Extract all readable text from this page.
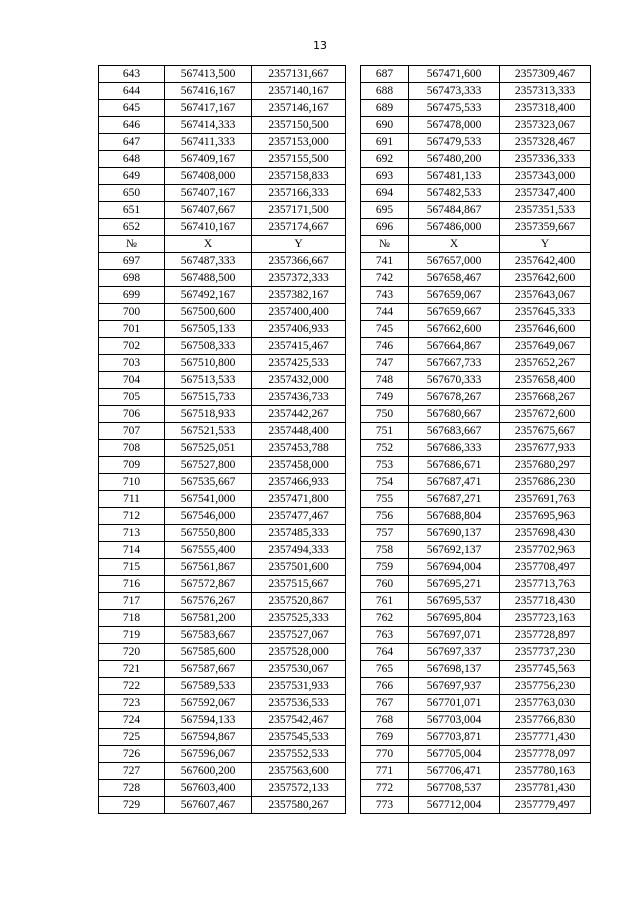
13
643	567413,500	2357131,667
644	567416,167	2357140,167
645	567417,167	2357146,167
646	567414,333	2357150,500
647	567411,333	2357153,000
648	567409,167	2357155,500
649	567408,000	2357158,833
650	567407,167	2357166,333
651	567407,667	2357171,500
652	567410,167	2357174,667
№	X	Y
697	567487,333	2357366,667
698	567488,500	2357372,333
699	567492,167	2357382,167
700	567500,600	2357400,400
701	567505,133	2357406,933
702	567508,333	2357415,467
703	567510,800	2357425,533
704	567513,533	2357432,000
705	567515,733	2357436,733
706	567518,933	2357442,267
707	567521,533	2357448,400
708	567525,051	2357453,788
709	567527,800	2357458,000
710	567535,667	2357466,933
711	567541,000	2357471,800
712	567546,000	2357477,467
713	567550,800	2357485,333
714	567555,400	2357494,333
715	567561,867	2357501,600
716	567572,867	2357515,667
717	567576,267	2357520,867
718	567581,200	2357525,333
719	567583,667	2357527,067
720	567585,600	2357528,000
721	567587,667	2357530,067
722	567589,533	2357531,933
723	567592,067	2357536,533
724	567594,133	2357542,467
725	567594,867	2357545,533
726	567596,067	2357552,533
727	567600,200	2357563,600
728	567603,400	2357572,133
729	567607,467	2357580,267
687	567471,600	2357309,467
688	567473,333	2357313,333
689	567475,533	2357318,400
690	567478,000	2357323,067
691	567479,533	2357328,467
692	567480,200	2357336,333
693	567481,133	2357343,000
694	567482,533	2357347,400
695	567484,867	2357351,533
696	567486,000	2357359,667
№	X	Y
741	567657,000	2357642,400
742	567658,467	2357642,600
743	567659,067	2357643,067
744	567659,667	2357645,333
745	567662,600	2357646,600
746	567664,867	2357649,067
747	567667,733	2357652,267
748	567670,333	2357658,400
749	567678,267	2357668,267
750	567680,667	2357672,600
751	567683,667	2357675,667
752	567686,333	2357677,933
753	567686,671	2357680,297
754	567687,471	2357686,230
755	567687,271	2357691,763
756	567688,804	2357695,963
757	567690,137	2357698,430
758	567692,137	2357702,963
759	567694,004	2357708,497
760	567695,271	2357713,763
761	567695,537	2357718,430
762	567695,804	2357723,163
763	567697,071	2357728,897
764	567697,337	2357737,230
765	567698,137	2357745,563
766	567697,937	2357756,230
767	567701,071	2357763,030
768	567703,004	2357766,830
769	567703,871	2357771,430
770	567705,004	2357778,097
771	567706,471	2357780,163
772	567708,537	2357781,430
773	567712,004	2357779,497
